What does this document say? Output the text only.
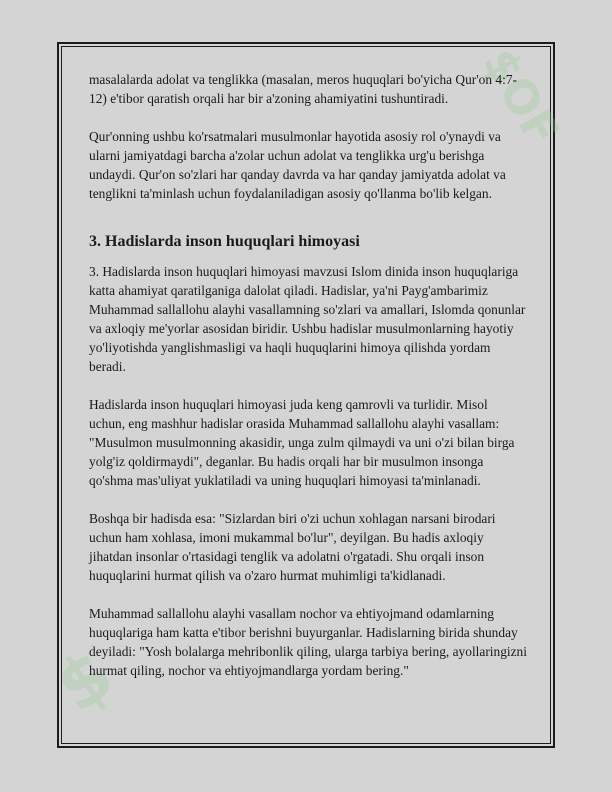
$
$OF

masalalarda adolat va tenglikka (masalan, meros huquqlari bo'yicha Qur'on 4:7-12) e'tibor qaratish orqali har bir a'zoning ahamiyatini tushuntiradi.

Qur'onning ushbu ko'rsatmalari musulmonlar hayotida asosiy rol o'ynaydi va ularni jamiyatdagi barcha a'zolar uchun adolat va tenglikka urg'u berishga undaydi. Qur'on so'zlari har qanday davrda va har qanday jamiyatda adolat va tenglikni ta'minlash uchun foydalaniladigan asosiy qo'llanma bo'lib kelgan.

3. Hadislarda inson huquqlari himoyasi

3. Hadislarda inson huquqlari himoyasi mavzusi Islom dinida inson huquqlariga katta ahamiyat qaratilganiga dalolat qiladi. Hadislar, ya'ni Payg'ambarimiz Muhammad sallallohu alayhi vasallamning so'zlari va amallari, Islomda qonunlar va axloqiy me'yorlar asosidan biridir. Ushbu hadislar musulmonlarning hayotiy yo'liyotishda yanglishmasligi va haqli huquqlarini himoya qilishda yordam beradi.

Hadislarda inson huquqlari himoyasi juda keng qamrovli va turlidir. Misol uchun, eng mashhur hadislar orasida Muhammad sallallohu alayhi vasallam: "Musulmon musulmonning akasidir, unga zulm qilmaydi va uni o'zi bilan birga yolg'iz qoldirmaydi", deganlar. Bu hadis orqali har bir musulmon insonga qo'shma mas'uliyat yuklatiladi va uning huquqlari himoyasi ta'minlanadi.

Boshqa bir hadisda esa: "Sizlardan biri o'zi uchun xohlagan narsani birodari uchun ham xohlasa, imoni mukammal bo'lur", deyilgan. Bu hadis axloqiy jihatdan insonlar o'rtasidagi tenglik va adolatni o'rgatadi. Shu orqali inson huquqlarini hurmat qilish va o'zaro hurmat muhimligi ta'kidlanadi.

Muhammad sallallohu alayhi vasallam nochor va ehtiyojmand odamlarning huquqlariga ham katta e'tibor berishni buyurganlar. Hadislarning birida shunday deyiladi: "Yosh bolalarga mehribonlik qiling, ularga tarbiya bering, ayollaringizni hurmat qiling, nochor va ehtiyojmandlarga yordam bering."
